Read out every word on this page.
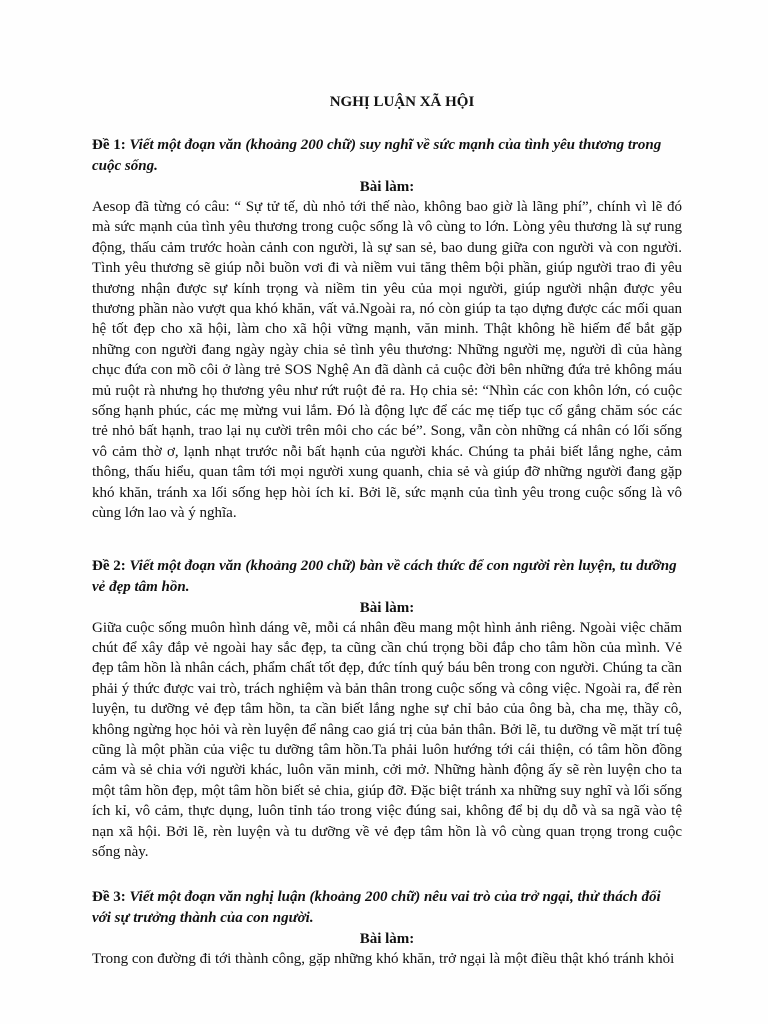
NGHỊ LUẬN XÃ HỘI

Đề 1: Viết một đoạn văn (khoảng 200 chữ) suy nghĩ về sức mạnh của tình yêu thương trong cuộc sống.

Bài làm:

Aesop đã từng có câu: “ Sự tử tế, dù nhỏ tới thế nào, không bao giờ là lãng phí”, chính vì lẽ đó mà sức mạnh của tình yêu thương trong cuộc sống là vô cùng to lớn. Lòng yêu thương là sự rung động, thấu cảm trước hoàn cảnh con người, là sự san sẻ, bao dung giữa con người và con người. Tình yêu thương sẽ giúp nỗi buồn vơi đi và niềm vui tăng thêm bội phần, giúp người trao đi yêu thương nhận được sự kính trọng và niềm tin yêu của mọi người, giúp người nhận được yêu thương phần nào vượt qua khó khăn, vất vả.Ngoài ra, nó còn giúp ta tạo dựng được các mối quan hệ tốt đẹp cho xã hội, làm cho xã hội vững mạnh, văn minh. Thật không hề hiếm để bắt gặp những con người đang ngày ngày chia sẻ tình yêu thương: Những người mẹ, người dì của hàng chục đứa con mồ côi ở làng trẻ SOS Nghệ An đã dành cả cuộc đời bên những đứa trẻ không máu mủ ruột rà nhưng họ thương yêu như rứt ruột đẻ ra. Họ chia sẻ: “Nhìn các con khôn lớn, có cuộc sống hạnh phúc, các mẹ mừng vui lắm. Đó là động lực để các mẹ tiếp tục cố gắng chăm sóc các trẻ nhỏ bất hạnh, trao lại nụ cười trên môi cho các bé”. Song, vẫn còn những cá nhân có lối sống vô cảm thờ ơ, lạnh nhạt trước nỗi bất hạnh của người khác. Chúng ta phải biết lắng nghe, cảm thông, thấu hiểu, quan tâm tới mọi người xung quanh, chia sẻ và giúp đỡ những người đang gặp khó khăn, tránh xa lối sống hẹp hòi ích kỉ. Bởi lẽ, sức mạnh của tình yêu trong cuộc sống là vô cùng lớn lao và ý nghĩa.

Đề 2: Viết một đoạn văn (khoảng 200 chữ) bàn về cách thức để con người rèn luyện, tu dưỡng vẻ đẹp tâm hồn.

Bài làm:

Giữa cuộc sống muôn hình dáng vẽ, mỗi cá nhân đều mang một hình ảnh riêng. Ngoài việc chăm chút để xây đắp vẻ ngoài hay sắc đẹp, ta cũng cần chú trọng bồi đắp cho tâm hồn của mình. Vẻ đẹp tâm hồn là nhân cách, phẩm chất tốt đẹp, đức tính quý báu bên trong con người. Chúng ta cần phải ý thức được vai trò, trách nghiệm và bản thân trong cuộc sống và công việc. Ngoài ra, để rèn luyện, tu dưỡng vẻ đẹp tâm hồn, ta cần biết lắng nghe sự chỉ bảo của ông bà, cha mẹ, thầy cô, không ngừng học hỏi và rèn luyện để nâng cao giá trị của bản thân. Bởi lẽ, tu dưỡng về mặt trí tuệ cũng là một phần của việc tu dưỡng tâm hồn.Ta phải luôn hướng tới cái thiện, có tâm hồn đồng cảm và sẻ chia với người khác, luôn văn minh, cởi mở. Những hành động ấy sẽ rèn luyện cho ta một tâm hồn đẹp, một tâm hồn biết sẻ chia, giúp đỡ. Đặc biệt tránh xa những suy nghĩ và lối sống ích kỉ, vô cảm, thực dụng, luôn tỉnh táo trong việc đúng sai, không để bị dụ dỗ và sa ngã vào tệ nạn xã hội. Bởi lẽ, rèn luyện và tu dưỡng về vẻ đẹp tâm hồn là vô cùng quan trọng trong cuộc sống này.

Đề 3: Viết một đoạn văn nghị luận (khoảng 200 chữ) nêu vai trò của trở ngại, thử thách đối với sự trưởng thành của con người.

Bài làm:

Trong con đường đi tới thành công, gặp những khó khăn, trở ngại là một điều thật khó tránh khỏi
